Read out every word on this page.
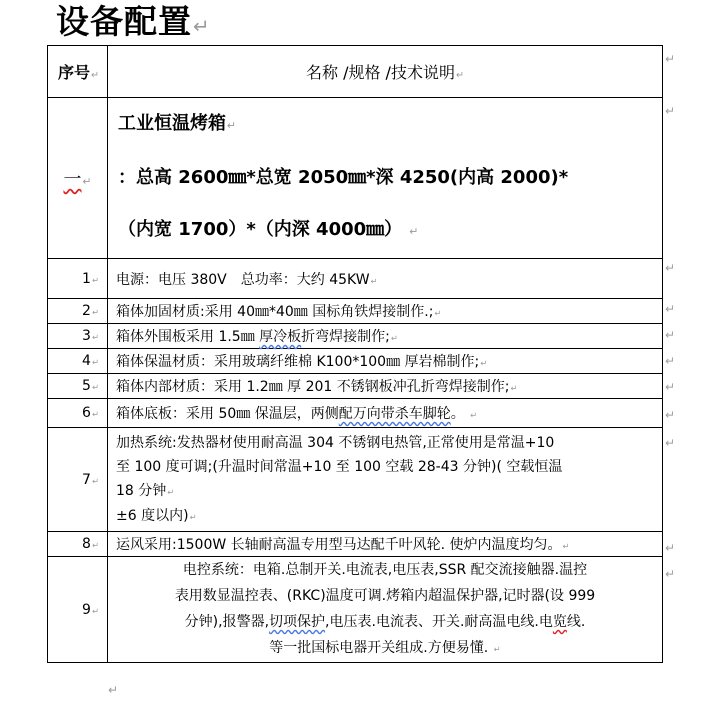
设备配置↵
序号↵	名称 /规格 /技术说明↵
一↵	工业恒温烤箱↵
：总高 2600㎜*总宽 2050㎜*深 4250(内高 2000)*
（内宽 1700）*（内深 4000㎜） ↵

1↵	电源：电压 380V　总功率：大约 45KW↵
2↵	箱体加固材质:采用 40㎜*40㎜ 国标角铁焊接制作.;↵
3↵	箱体外围板采用 1.5㎜ 厚冷板折弯焊接制作;↵
4↵	箱体保温材质：采用玻璃纤维棉 K100*100㎜ 厚岩棉制作;↵
5↵	箱体内部材质：采用 1.2㎜ 厚 201 不锈钢板冲孔折弯焊接制作;↵
6↵	箱体底板：采用 50㎜ 保温层，两侧配万向带杀车脚轮。 ↵
7↵	加热系统:发热器材使用耐高温 304 不锈钢电热管,正常使用是常温+10
至 100 度可调;(升温时间常温+10 至 100 空载 28-43 分钟)( 空载恒温
18 分钟↵
±6 度以内)↵

8↵	运风采用:1500W 长轴耐高温专用型马达配千叶风轮. 使炉内温度均匀。↵
9↵	电控系统：电箱.总制开关.电流表,电压表,SSR 配交流接触器.温控
表用数显温控表、(RKC)温度可调.烤箱内超温保护器,记时器(设 999
分钟),报警器,切项保护,电压表.电流表、开关.耐高温电线.电览线.
等一批国标电器开关组成.方便易懂. ↵
↵
↵
↵
↵
↵
↵
↵
↵
↵
↵
↵
↵
